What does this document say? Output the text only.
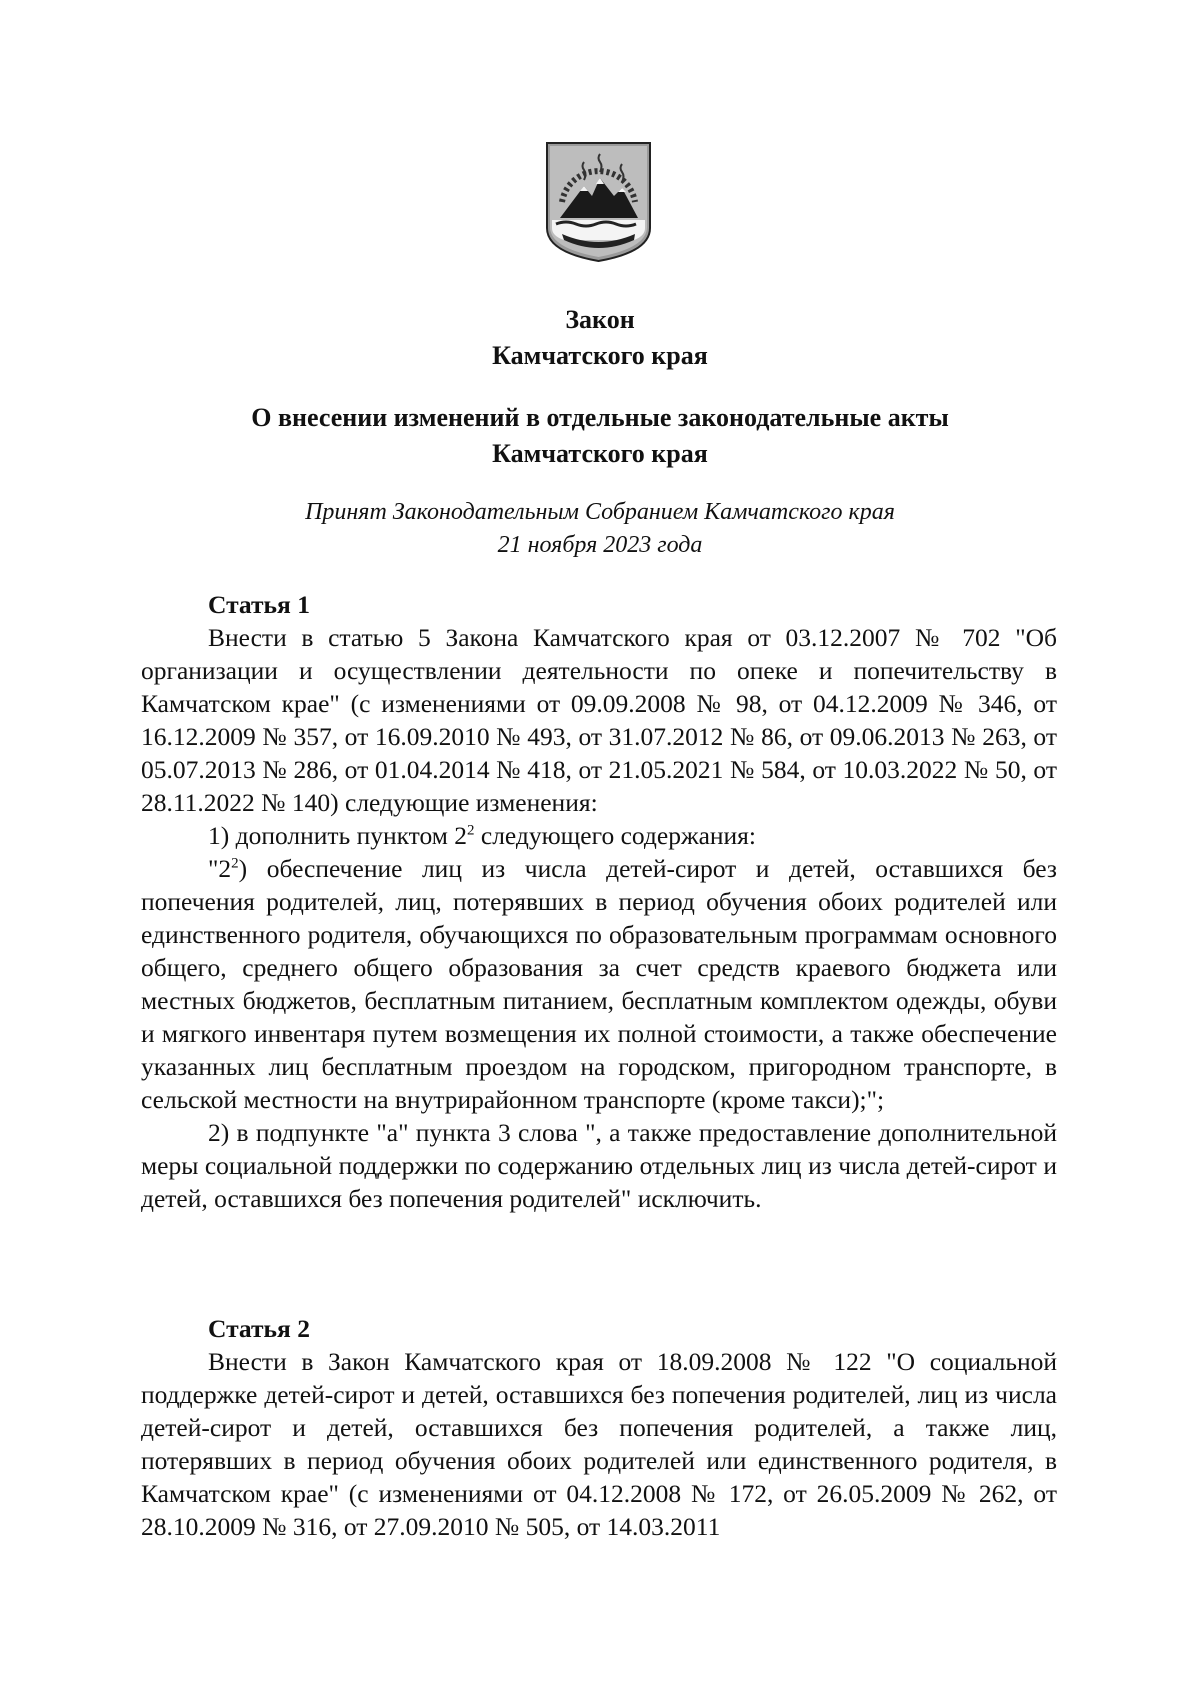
Закон
Камчатского края
О внесении изменений в отдельные законодательные акты
Камчатского края
Принят Законодательным Собранием Камчатского края
21 ноября 2023 года
Статья 1

Внести в статью 5 Закона Камчатского края от 03.12.2007 № 702 "Об организации и осуществлении деятельности по опеке и попечительству в Камчатском крае" (с изменениями от 09.09.2008 № 98, от 04.12.2009 № 346, от 16.12.2009 № 357, от 16.09.2010 № 493, от 31.07.2012 № 86, от 09.06.2013 № 263, от 05.07.2013 № 286, от 01.04.2014 № 418, от 21.05.2021 № 584, от 10.03.2022 № 50, от 28.11.2022 № 140) следующие изменения:

1) дополнить пунктом $2^2$ следующего содержания:

"$2^2$) обеспечение лиц из числа детей-сирот и детей, оставшихся без попечения родителей, лиц, потерявших в период обучения обоих родителей или единственного родителя, обучающихся по образовательным программам основного общего, среднего общего образования за счет средств краевого бюджета или местных бюджетов, бесплатным питанием, бесплатным комплектом одежды, обуви и мягкого инвентаря путем возмещения их полной стоимости, а также обеспечение указанных лиц бесплатным проездом на городском, пригородном транспорте, в сельской местности на внутрирайонном транспорте (кроме такси);";

2) в подпункте "а" пункта 3 слова ", а также предоставление дополнительной меры социальной поддержки по содержанию отдельных лиц из числа детей-сирот и детей, оставшихся без попечения родителей" исключить.

Статья 2

Внести в Закон Камчатского края от 18.09.2008 № 122 "О социальной поддержке детей-сирот и детей, оставшихся без попечения родителей, лиц из числа детей-сирот и детей, оставшихся без попечения родителей, а также лиц, потерявших в период обучения обоих родителей или единственного родителя, в Камчатском крае" (с изменениями от 04.12.2008 № 172, от 26.05.2009 № 262, от 28.10.2009 № 316, от 27.09.2010 № 505, от 14.03.2011
